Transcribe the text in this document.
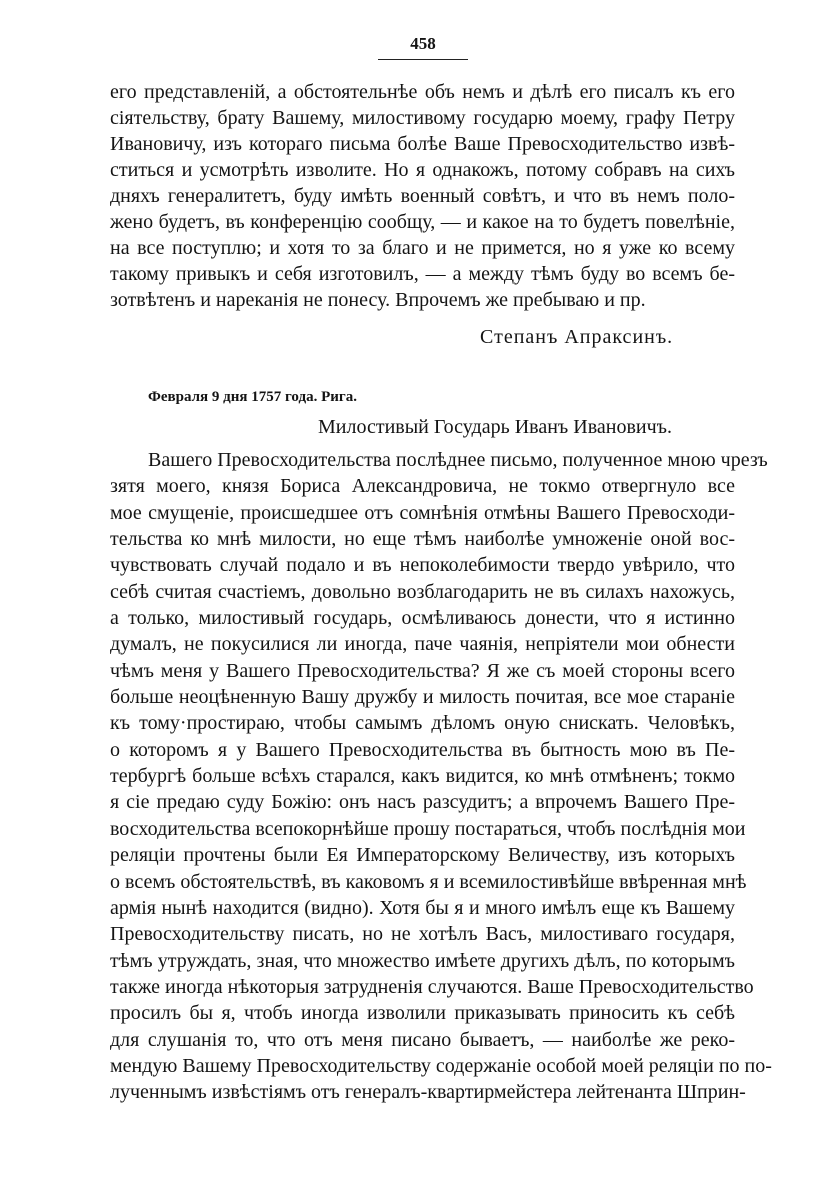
458
его представленій, а обстоятельнѣе объ немъ и дѣлѣ его писалъ къ его
сіятельству, брату Вашему, милостивому государю моему, графу Петру
Ивановичу, изъ котораго письма болѣе Ваше Превосходительство извѣ-
ститься и усмотрѣть изволите. Но я однакожъ, потому собравъ на сихъ
дняхъ генералитетъ, буду имѣть военный совѣтъ, и что въ немъ поло-
жено будетъ, въ конференцію сообщу, — и какое на то будетъ повелѣніе,
на все поступлю; и хотя то за благо и не примется, но я уже ко всему
такому привыкъ и себя изготовилъ, — а между тѣмъ буду во всемъ бе-
зотвѣтенъ и нареканія не понесу. Впрочемъ же пребываю и пр.
Степанъ Апраксинъ.
Февраля 9 дня 1757 года. Рига.
Милостивый Государь Иванъ Ивановичъ.
Вашего Превосходительства послѣднее письмо, полученное мною чрезъ
зятя моего, князя Бориса Александровича, не токмо отвергнуло все
мое смущеніе, происшедшее отъ сомнѣнія отмѣны Вашего Превосходи-
тельства ко мнѣ милости, но еще тѣмъ наиболѣе умноженіе оной вос-
чувствовать случай подало и въ непоколебимости твердо увѣрило, что
себѣ считая счастіемъ, довольно возблагодарить не въ силахъ нахожусь,
а только, милостивый государь, осмѣливаюсь донести, что я истинно
думалъ, не покусилися ли иногда, паче чаянія, непріятели мои обнести
чѣмъ меня у Вашего Превосходительства? Я же съ моей стороны всего
больше неоцѣненную Вашу дружбу и милость почитая, все мое стараніе
къ тому·простираю, чтобы самымъ дѣломъ оную снискать. Человѣкъ,
о которомъ я у Вашего Превосходительства въ бытность мою въ Пе-
тербургѣ больше всѣхъ старался, какъ видится, ко мнѣ отмѣненъ; токмо
я сіе предаю суду Божію: онъ насъ разсудитъ; а впрочемъ Вашего Пре-
восходительства всепокорнѣйше прошу постараться, чтобъ послѣднія мои
реляціи прочтены были Ея Императорскому Величеству, изъ которыхъ
о всемъ обстоятельствѣ, въ каковомъ я и всемилостивѣйше ввѣренная мнѣ
армія нынѣ находится (видно). Хотя бы я и много имѣлъ еще къ Вашему
Превосходительству писать, но не хотѣлъ Васъ, милостиваго государя,
тѣмъ утруждать, зная, что множество имѣете другихъ дѣлъ, по которымъ
также иногда нѣкоторыя затрудненія случаются. Ваше Превосходительство
просилъ бы я, чтобъ иногда изволили приказывать приносить къ себѣ
для слушанія то, что отъ меня писано бываетъ, — наиболѣе же реко-
мендую Вашему Превосходительству содержаніе особой моей реляціи по по-
лученнымъ извѣстіямъ отъ генералъ-квартирмейстера лейтенанта Шприн-
